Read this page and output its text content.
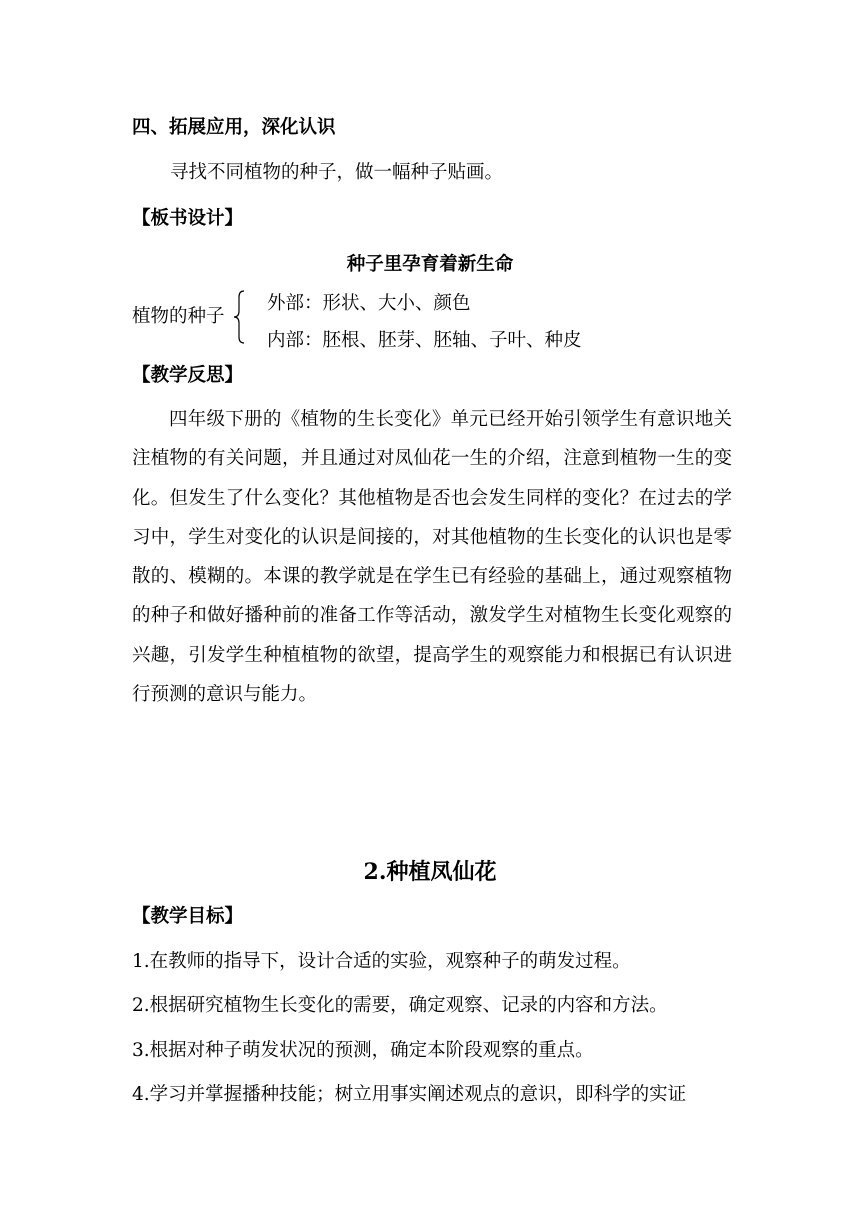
四、拓展应用，深化认识
寻找不同植物的种子，做一幅种子贴画。
【板书设计】
种子里孕育着新生命
植物的种子
外部：形状、大小、颜色
内部：胚根、胚芽、胚轴、子叶、种皮
【教学反思】
四年级下册的《植物的生长变化》单元已经开始引领学生有意识地关注植物的有关问题，并且通过对凤仙花一生的介绍，注意到植物一生的变化。但发生了什么变化？其他植物是否也会发生同样的变化？在过去的学习中，学生对变化的认识是间接的，对其他植物的生长变化的认识也是零散的、模糊的。本课的教学就是在学生已有经验的基础上，通过观察植物的种子和做好播种前的准备工作等活动，激发学生对植物生长变化观察的兴趣，引发学生种植植物的欲望，提高学生的观察能力和根据已有认识进行预测的意识与能力。
2.种植凤仙花
【教学目标】
1.在教师的指导下，设计合适的实验，观察种子的萌发过程。
2.根据研究植物生长变化的需要，确定观察、记录的内容和方法。
3.根据对种子萌发状况的预测，确定本阶段观察的重点。
4.学习并掌握播种技能；树立用事实阐述观点的意识，即科学的实证
